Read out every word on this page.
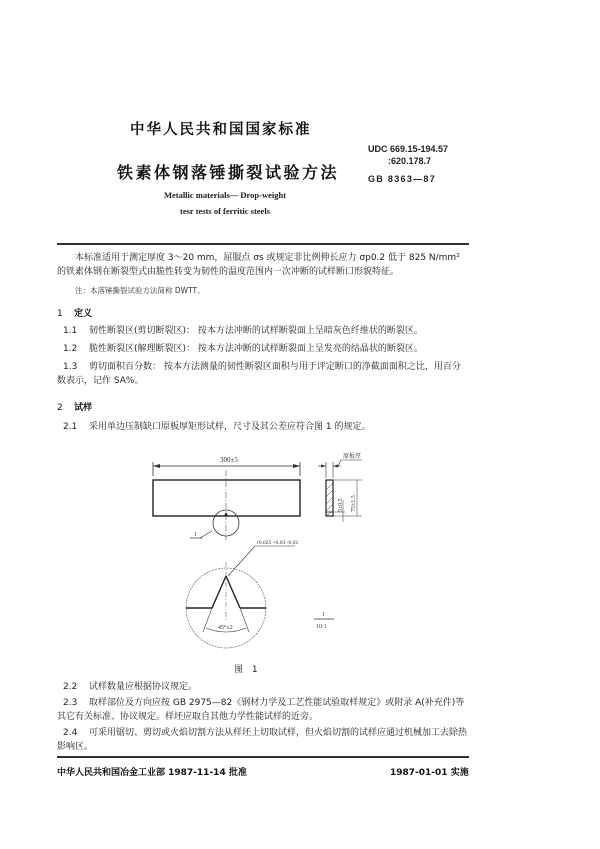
中华人民共和国国家标准
铁素体钢落锤撕裂试验方法
Metallic materials— Drop-weight
tesr tests of ferritic steels
UDC 669.15-194.57
:620.178.7
GB 8363—87
本标准适用于测定厚度 3～20 mm，屈服点 σs 或规定非比例伸长应力 σp0.2 低于 825 N/mm² 的铁素体钢在断裂型式由脆性转变为韧性的温度范围内一次冲断的试样断口形貌特征。
注：本落锤撕裂试验方法简称 DWTT。
1 定义
1.1 韧性断裂区(剪切断裂区)： 按本方法冲断的试样断裂面上呈暗灰色纤维状的断裂区。
1.2 脆性断裂区(解理断裂区)： 按本方法冲断的试样断裂面上呈发亮的结晶状的断裂区。
1.3 剪切面积百分数： 按本方法测量的韧性断裂区面积与用于评定断口的净截面面积之比，用百分数表示，记作 SA%。
2 试样
2.1 采用单边压制缺口原板厚矩形试样，尺寸及其公差应符合图 1 的规定。
300±5
1
原板厚
75±1.5
5±0.5
45°±2
r0.025 +0.03 -0.02
1
10:1
图 1
2.2 试样数量应根据协议规定。
2.3 取样部位及方向应按 GB 2975—82《钢材力学及工艺性能试验取样规定》或附录 A(补充件)等其它有关标准、协议规定。样坯应取自其他力学性能试样的近旁。
2.4 可采用锯切、剪切或火焰切割方法从样坯上切取试样，但火焰切割的试样应通过机械加工去除热影响区。
中华人民共和国冶金工业部 1987-11-14 批准	1987-01-01 实施
